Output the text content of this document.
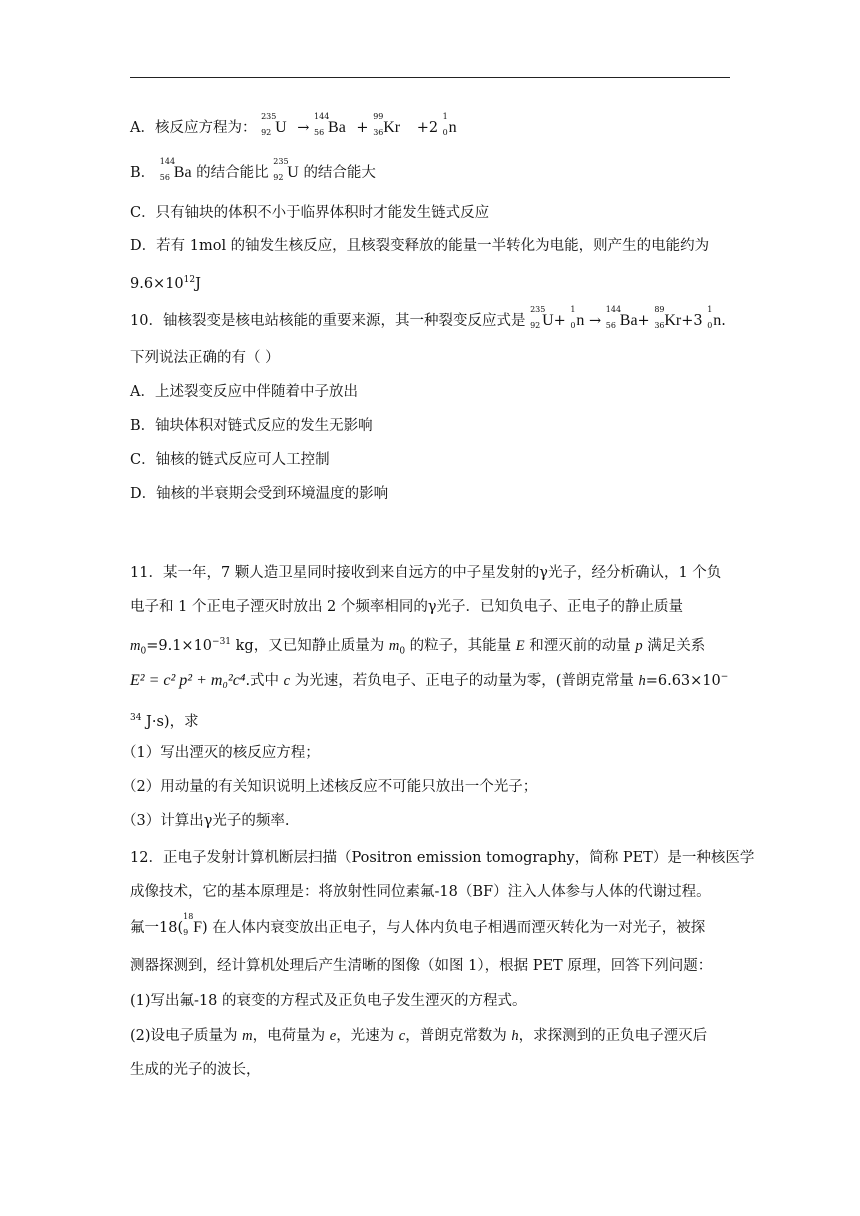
A．核反应方程为：
235
92 U →
144
56 Ba +
99
36 Kr +2
1
0 n
B．
144
56 Ba 的结合能比
235
92 U 的结合能大
C．只有铀块的体积不小于临界体积时才能发生链式反应
D．若有 1mol 的铀发生核反应，且核裂变释放的能量一半转化为电能，则产生的电能约为
$9.6\times 10^{12}J$
10．铀核裂变是核电站核能的重要来源，其一种裂变反应式是
235
92 U+
1
0 n →
144
56 Ba+
89
36 Kr+3
1
0 n.
下列说法正确的有（ ）
A．上述裂变反应中伴随着中子放出
B．铀块体积对链式反应的发生无影响
C．铀核的链式反应可人工控制
D．铀核的半衰期会受到环境温度的影响
11．某一年，7 颗人造卫星同时接收到来自远方的中子星发射的γ光子，经分析确认，1 个负
电子和 1 个正电子湮灭时放出 2 个频率相同的γ光子．已知负电子、正电子的静止质量
$m_0=9.1\times 10^{-31}$ kg，又已知静止质量为 $m_0$ 的粒子，其能量 E 和湮灭前的动量 p 满足关系
E² = c² p² + m₀²c⁴.式中 c 为光速，若负电子、正电子的动量为零，(普朗克常量 h=6.63×10−
$^{34}$ J·s)，求
（1）写出湮灭的核反应方程；
（2）用动量的有关知识说明上述核反应不可能只放出一个光子；
（3）计算出γ光子的频率.
12．正电子发射计算机断层扫描（Positron emission tomography，简称 PET）是一种核医学
成像技术，它的基本原理是：将放射性同位素氟-18（BF）注入人体参与人体的代谢过程。
氟一18(
18
9 F) 在人体内衰变放出正电子，与人体内负电子相遇而湮灭转化为一对光子，被探
测器探测到，经计算机处理后产生清晰的图像（如图 1），根据 PET 原理，回答下列问题：
(1)写出氟-18 的衰变的方程式及正负电子发生湮灭的方程式。
(2)设电子质量为 m，电荷量为 e，光速为 c，普朗克常数为 h，求探测到的正负电子湮灭后
生成的光子的波长，
